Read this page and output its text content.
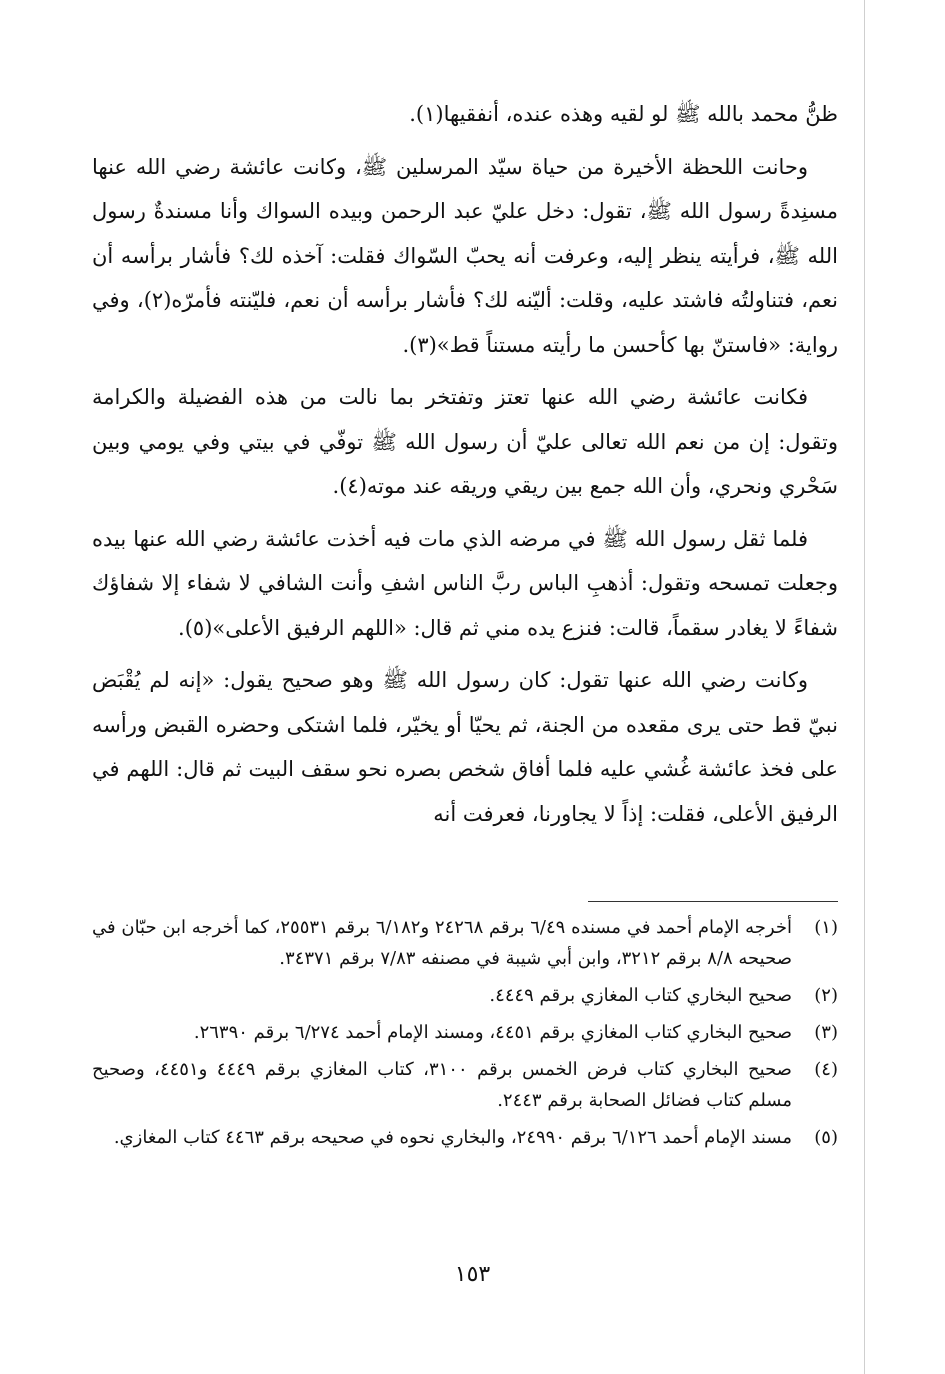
ظنُّ محمد بالله ﷺ لو لقيه وهذه عنده، أنفقيها(١).

وحانت اللحظة الأخيرة من حياة سيّد المرسلين ﷺ، وكانت عائشة رضي الله عنها مسنِدةً رسول الله ﷺ، تقول: دخل عليّ عبد الرحمن وبيده السواك وأنا مسندةٌ رسول الله ﷺ، فرأيته ينظر إليه، وعرفت أنه يحبّ السّواك فقلت: آخذه لك؟ فأشار برأسه أن نعم، فتناولتُه فاشتد عليه، وقلت: أليّنه لك؟ فأشار برأسه أن نعم، فليّنته فأمرّه(٢)، وفي رواية: «فاستنّ بها كأحسن ما رأيته مستناً قط»(٣).

فكانت عائشة رضي الله عنها تعتز وتفتخر بما نالت من هذه الفضيلة والكرامة وتقول: إن من نعم الله تعالى عليّ أن رسول الله ﷺ توفّي في بيتي وفي يومي وبين سَحْري ونحري، وأن الله جمع بين ريقي وريقه عند موته(٤).

فلما ثقل رسول الله ﷺ في مرضه الذي مات فيه أخذت عائشة رضي الله عنها بيده وجعلت تمسحه وتقول: أذهبِ الباس ربَّ الناس اشفِ وأنت الشافي لا شفاء إلا شفاؤك شفاءً لا يغادر سقماً، قالت: فنزع يده مني ثم قال: «اللهم الرفيق الأعلى»(٥).

وكانت رضي الله عنها تقول: كان رسول الله ﷺ وهو صحيح يقول: «إنه لم يُقْبَض نبيّ قط حتى يرى مقعده من الجنة، ثم يحيّا أو يخيّر، فلما اشتكى وحضره القبض ورأسه على فخذ عائشة غُشي عليه فلما أفاق شخص بصره نحو سقف البيت ثم قال: اللهم في الرفيق الأعلى، فقلت: إذاً لا يجاورنا، فعرفت أنه

(١)
أخرجه الإمام أحمد في مسنده ٦/٤٩ برقم ٢٤٢٦٨ و٦/١٨٢ برقم ٢٥٥٣١، كما أخرجه ابن حبّان في صحيحه ٨/٨ برقم ٣٢١٢، وابن أبي شيبة في مصنفه ٧/٨٣ برقم ٣٤٣٧١.
(٢)
صحيح البخاري كتاب المغازي برقم ٤٤٤٩.
(٣)
صحيح البخاري كتاب المغازي برقم ٤٤٥١، ومسند الإمام أحمد ٦/٢٧٤ برقم ٢٦٣٩٠.
(٤)
صحيح البخاري كتاب فرض الخمس برقم ٣١٠٠، كتاب المغازي برقم ٤٤٤٩ و٤٤٥١، وصحيح مسلم كتاب فضائل الصحابة برقم ٢٤٤٣.
(٥)
مسند الإمام أحمد ٦/١٢٦ برقم ٢٤٩٩٠، والبخاري نحوه في صحيحه برقم ٤٤٦٣ كتاب المغازي.
١٥٣
